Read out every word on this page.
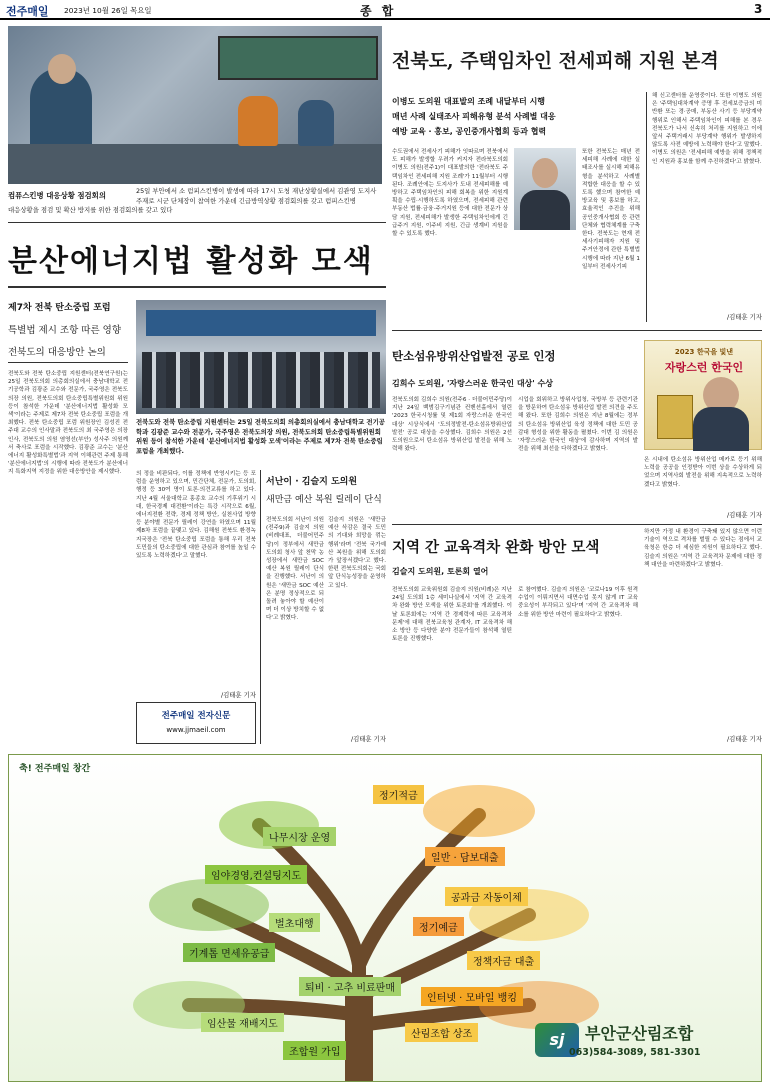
전주매일 2023년 10월 26일 목요일	종 합	3
컴퓨스킨병 대응상황 점검회의	25일 부안에서 소 럼피스킨병이 발생에 따라 17시 도청 재난상황실에서 김관영 도지사 주재로 시군 단체장이 참여한 가운데 긴급방역상황 점검회의를 갖고 럼피스킨병
대응상황을 점검 및 확산 방지를 위한 점검회의를 갖고 있다
전북도, 주택임차인 전세피해 지원 본격
이병도 도의원 대표발의 조례 내달부터 시행
매년 사례 실태조사 피해유형 분석 사례별 대응
예방 교육 · 홍보, 공인중개사협회 등과 협력
수도권에서 전세사기 피해가 잇따르며 전북에서도 피해가 발생할 우려가 커지자 전라북도의회 이병도 의원(전주1)이 대표발의한 '전라북도 주택임차인 전세피해 지원 조례'가 11월부터 시행된다. 조례안에는 도지사가 도내 전세피해를 예방하고 주택임차인의 피해 회복을 위한 지원계획을 수립·시행하도록 하였으며, 전세피해 관련 부동산 법률·금융·주거지원 등에 대한 전문가 상담 지원, 전세피해가 발생한 주택임차인에게 긴급주거 지원, 이주비 지원, 긴급 생계비 지원을 할 수 있도록 했다.
또한 전북도는 매년 전세피해 사례에 대한 실태조사를 실시해 피해유형을 분석하고 사례별 적합한 대응을 할 수 있도록 했으며 참여한 예방교육 및 홍보를 하고, 효율적인 추진을 위해 공인중개사협회 등 관련 단체와 협력체계를 구축한다. 전북도는 현재 전세사기피해자 지원 및 주거안정에 관한 특별법 시행에 따라 지난 6월 1일부터 전세사기피
해 신고센터를 운영중이다. 또한 이병도 의원은 '주택임대차계약 증명 후 전세보증금의 미반환 또는 경·공매, 부동산 사기 등 부당계약 행위로 인해서 주택임차인이 피해를 본 경우 전북도가 나서 신속히 처리를 지원하고 이에 앞서 주택거래시 부당계약 행위가 발생하지 않도록 사전 예방에 노력해야 한다'고 말했다. 이병도 의원은 '전세피해 예방을 위해 정책적인 지원과 홍보를 함께 추진하겠다'고 밝혔다.
/김태훈 기자
분산에너지법 활성화 모색
제7차 전북 탄소중립 포럼
특별법 제시 조항 따른 영향
전북도의 대응방안 논의
전북도와 전북 탄소중립 지원센터(전북연구원)는 25일 전북도의회 의총회의실에서 충남대학교 전기공학과 김광준 교수와 전문가, 국주영은 전북도의장 의원, 전북도의회 탄소중립특별위원회 위원 등이 참석한 가운데 '분산에너지법 활성화 모색'이라는 주제로 제7차 전북 탄소중립 포럼을 개최했다. 전북 탄소중립 포럼 위원장인 김성진 전주대 교수의 인사말과 전북도의 최 국주영은 의장 인사, 전북도의 의원 염영선(부안) 성사주 의원께서 축사로 포럼을 시작했다. 김광준 교수는 '분산에너지 활성화특별법'과 지역 이해관련 주제 통해 '분산에너지법'의 시행에 따라 전북도가 분산에너지 특화지역 지정을 위한 대응방안을 제시했다.
전북도와 전북 탄소중립 지원센터는 25일 전북도의회 의총회의실에서 충남대학교 전기공학과 김광준 교수와 전문가, 국주영은 전북도의장 의원, 전북도의회 탄소중립특별위원회 위원 등이 참석한 가운데 '분산에너지법 활성화 모색'이라는 주제로 제7차 전북 탄소중립 포럼을 개최했다.
의 정을 비판되다, 이를 정책에 반영시키는 등 포럼을 운영하고 있으며, 민간단체, 전문가, 도의회, 행정 등 30여 명이 토론·의견교류를 하고 있다. 지난 4월 서울대학교 홍종호 교수의 기후위기 시대, 한국경제 대전환'이라는 특강 시작으로 6월, 에너지전환 전략, 경제 정책 방안, 실천사업 방향 등 분야별 전문가 릴레이 강연을 하였으며 11월 제8차 포럼을 끝맺고 있다. 김해원 전북도 환경녹지국장은 '전북 탄소중립 포럼을 통해 우리 전북도민들의 탄소중립에 대한 관심과 참여를 높일 수 있도록 노력하겠다'고 말했다.
/김태훈 기자
전주매일 전자신문
www.jjmaeil.com
서난이 · 김슬지 도의원
새만금 예산 복원 릴레이 단식
전북도의회 서난이 의원(전주9)과 김슬지 의원(비례대표, 더불어민주당)이 정부에서 새만금 도의회 청사 앞 천막 농성장에서 새만금 SOC 예산 복원 릴레이 단식을 진행했다. 서난이 의원은 '새만금 SOC 예산은 분명 정상적으로 되돌려 놓아야 할 예산이며 더 이상 방치할 수 없다'고 밝혔다.
김슬지 의원은 '새만금 예산 삭감은 결국 도민의 기대와 희망을 꺾는 행위'라며 '전북 국가예산 복원을 위해 도의회가 앞장서겠다'고 했다. 한편 전북도의회는 국회 앞 단식농성장을 운영하고 있다.
/김태훈 기자
탄소섬유방위산업발전 공로 인정
김희수 도의원, '자랑스러운 한국인 대상' 수상
전북도의회 김희수 의원(전주6 · 더불어민주당)이 지난 24일 백범김구기념관 컨벤션홀에서 열린 '2023 한국시청률 및 제1회 자랑스러운 한국인 대상' 시상식에서 '도의정발전-탄소섬유방위산업발전' 공로 대상을 수상했다. 김희수 의원은 2선 도의원으로서 탄소섬유 방위산업 발전을 위해 노력해 왔다.
시업을 회위하고 방위사업청, 국방부 등 관련기관을 방문하여 탄소섬유 방위산업 발전 의견을 주도해 왔다. 또한 김희수 의원은 지난 8월에는 정부의 탄소섬유 방위산업 육성 정책에 대한 도민 공감대 형성을 위한 활동을 펼쳤다. 이번 김 의원은 '자랑스러운 한국인 대상'에 감사하며 지역의 발전을 위해 최선을 다하겠다고 밝혔다.
2023 한국을 빛낸
자랑스런 한국인
온 시내에 탄소섬유 방위산업 메카로 등기 위해 노력을 공공을 인정받아 이번 상을 수상하게 되었으며 지역사회 발전을 위해 지속적으로 노력하겠다고 밝혔다.
/김태훈 기자
지역 간 교육격차 완화 방안 모색
김슬지 도의원, 토론회 열어
전북도의회 교육위원회 김슬지 의원(비례)은 지난 24일 도의회 1층 세미나실에서 '지역 간 교육격차 완화 방안 모색을 위한 토론회'를 개최했다. 이날 토론회에는 '지역 간 경제력에 따른 교육격차 문제'에 대해 전북교육청 관계자, IT 교육격차 해소 방안 등 다양한 분야 전문가들이 참석해 열띤 토론을 진행했다.
로 참여했다. 김슬지 의원은 '코로나19 이후 원격수업이 이뤄지면서 대면수업 못지 않게 IT 교육 중요성이 부각되고 있다'며 '지역 간 교육격차 해소를 위한 방안 마련이 필요하다'고 밝혔다.
하지만 가정 내 환경이 구축돼 있지 않으면 이런 기술이 역으로 격차를 벌릴 수 있다는 점에서 교육청은 한층 더 세심한 지원이 필요하다고 했다. 김슬지 의원은 '지역 간 교육격차 문제에 대한 정책 대안을 마련하겠다'고 밝혔다.
/김태훈 기자
축! 전주매일 창간
정기적금
나무시장 운영
일반 · 담보대출
임야경영,컨설팅지도
공과금 자동이체
벌초대행	정기예금
기계톱 면세유공급
정책자금 대출
퇴비 · 고추 비료판매
인터넷 · 모바일 뱅킹
임산물 재배지도
산림조합 상조
조합원 가입
sj	부안군산림조합
063)584-3089, 581-3301
